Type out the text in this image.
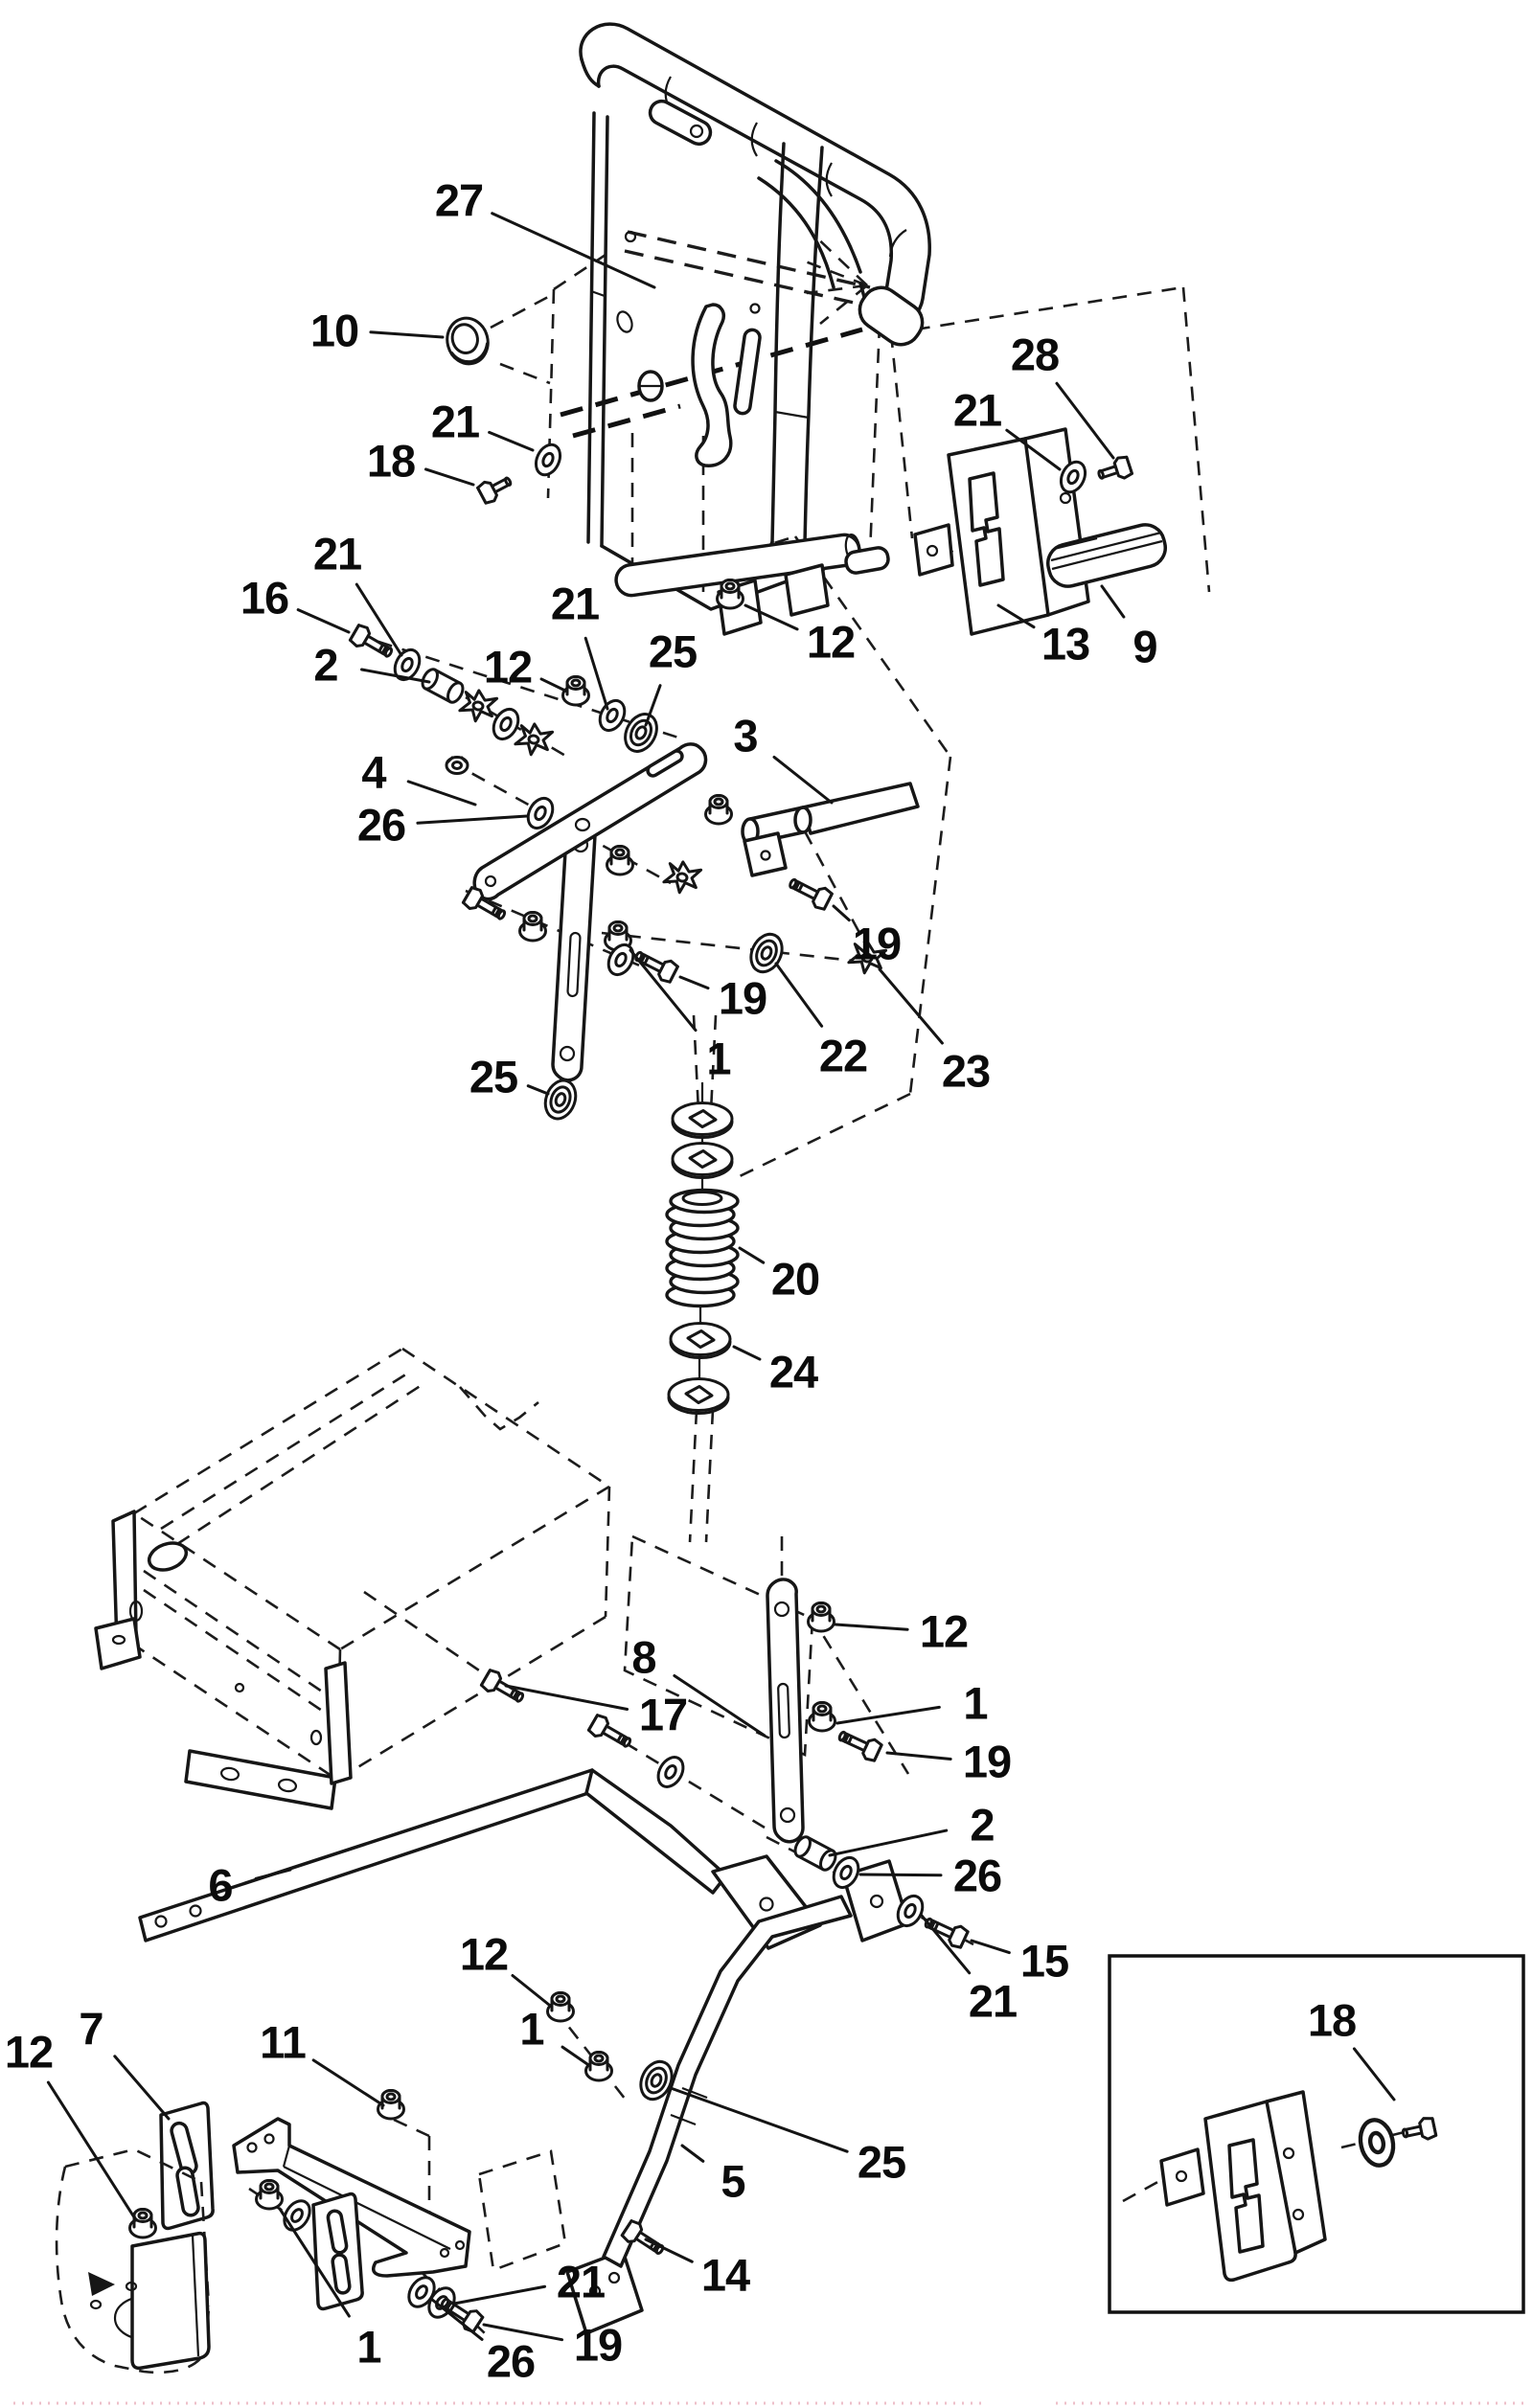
27
10
21
18
28
21
13 9
12
16
21
2	12
21
25
3
4
26
19
19
1 22 23
25
20
24
8
17
12
1
19
2
26
6
15
21
12
1
7
12	11
25
5
14
21
1	19
26
18
